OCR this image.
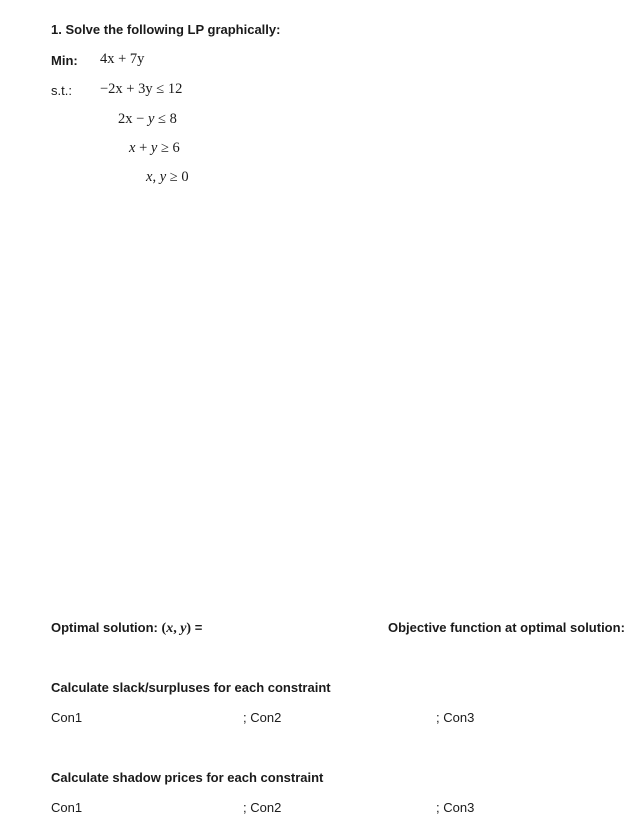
1. Solve the following LP graphically:
Min: 4x + 7y
s.t.: −2x + 3y ≤ 12
2x − y ≤ 8
x + y ≥ 6
x, y ≥ 0
Optimal solution: (x, y) =	Objective function at optimal solution:
Calculate slack/surpluses for each constraint
Con1	; Con2	; Con3
Calculate shadow prices for each constraint
Con1	; Con2	; Con3
